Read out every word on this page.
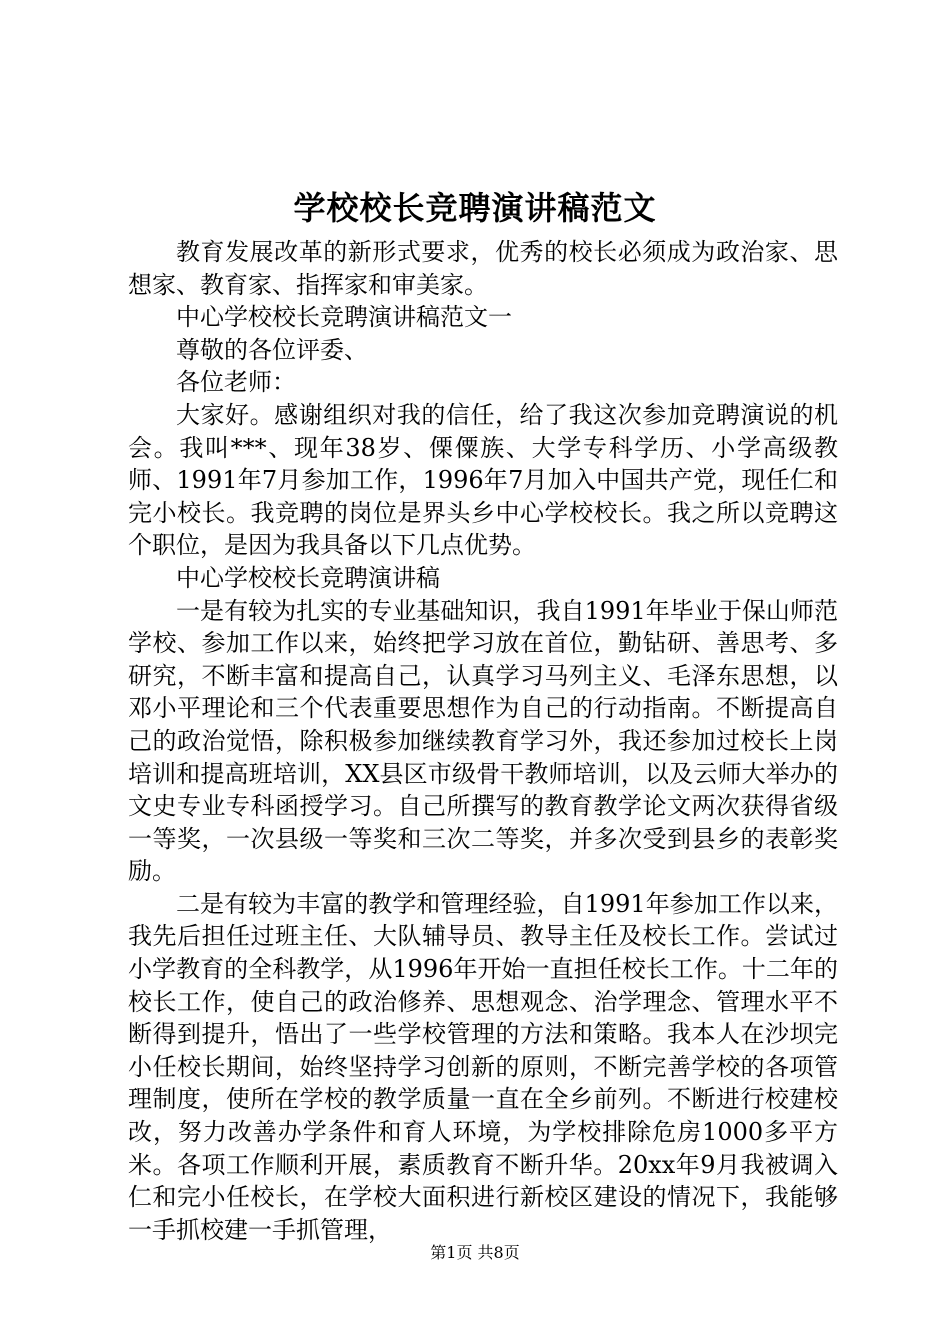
学校校长竞聘演讲稿范文

教育发展改革的新形式要求，优秀的校长必须成为政治家、思想家、教育家、指挥家和审美家。

中心学校校长竞聘演讲稿范文一

尊敬的各位评委、

各位老师：

大家好。感谢组织对我的信任，给了我这次参加竞聘演说的机会。我叫***、现年38岁、傈僳族、大学专科学历、小学高级教师、1991年7月参加工作，1996年7月加入中国共产党，现任仁和完小校长。我竞聘的岗位是界头乡中心学校校长。我之所以竞聘这个职位，是因为我具备以下几点优势。

中心学校校长竞聘演讲稿

一是有较为扎实的专业基础知识，我自1991年毕业于保山师范学校、参加工作以来，始终把学习放在首位，勤钻研、善思考、多研究，不断丰富和提高自己，认真学习马列主义、毛泽东思想，以邓小平理论和三个代表重要思想作为自己的行动指南。不断提高自己的政治觉悟，除积极参加继续教育学习外，我还参加过校长上岗培训和提高班培训，XX县区市级骨干教师培训，以及云师大举办的文史专业专科函授学习。自己所撰写的教育教学论文两次获得省级一等奖，一次县级一等奖和三次二等奖，并多次受到县乡的表彰奖励。

二是有较为丰富的教学和管理经验，自1991年参加工作以来，我先后担任过班主任、大队辅导员、教导主任及校长工作。尝试过小学教育的全科教学，从1996年开始一直担任校长工作。十二年的校长工作，使自己的政治修养、思想观念、治学理念、管理水平不断得到提升，悟出了一些学校管理的方法和策略。我本人在沙坝完小任校长期间，始终坚持学习创新的原则，不断完善学校的各项管理制度，使所在学校的教学质量一直在全乡前列。不断进行校建校改，努力改善办学条件和育人环境，为学校排除危房1000多平方米。各项工作顺利开展，素质教育不断升华。20xx年9月我被调入仁和完小任校长，在学校大面积进行新校区建设的情况下，我能够一手抓校建一手抓管理，

第1页 共8页
